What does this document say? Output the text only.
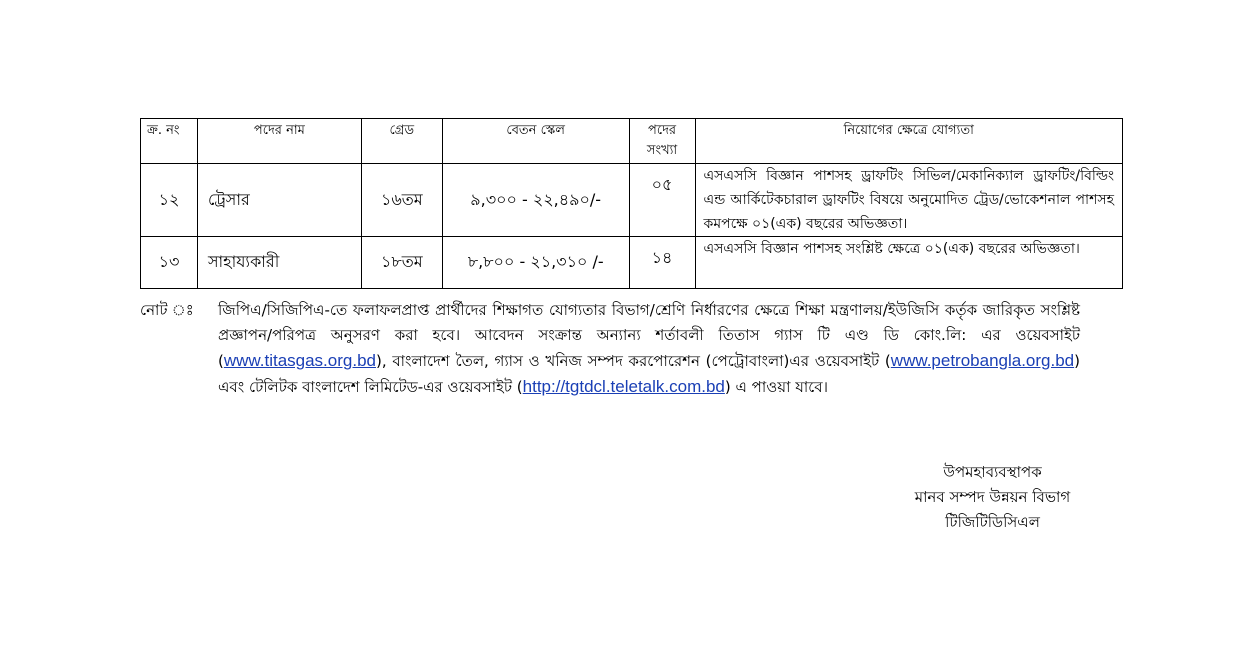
ক্র. নং	পদের নাম	গ্রেড	বেতন স্কেল	পদের সংখ্যা	নিয়োগের ক্ষেত্রে যোগ্যতা
১২	ট্রেসার	১৬তম	৯,৩০০ - ২২,৪৯০/-	০৫	এসএসসি বিজ্ঞান পাশসহ ড্রাফটিং সিভিল/মেকানিক্যাল ড্রাফটিং/বিল্ডিং এন্ড আর্কিটেকচারাল ড্রাফটিং বিষয়ে অনুমোদিত ট্রেড/ভোকেশনাল পাশসহ কমপক্ষে ০১(এক) বছরের অভিজ্ঞতা।
১৩	সাহায্যকারী	১৮তম	৮,৮০০ - ২১,৩১০ /-	১৪	এসএসসি বিজ্ঞান পাশসহ সংশ্লিষ্ট ক্ষেত্রে ০১(এক) বছরের অভিজ্ঞতা।
নোট ঃ	জিপিএ/সিজিপিএ-তে ফলাফলপ্রাপ্ত প্রার্থীদের শিক্ষাগত যোগ্যতার বিভাগ/শ্রেণি নির্ধারণের ক্ষেত্রে শিক্ষা মন্ত্রণালয়/ইউজিসি কর্তৃক জারিকৃত সংশ্লিষ্ট প্রজ্ঞাপন/পরিপত্র অনুসরণ করা হবে। আবেদন সংক্রান্ত অন্যান্য শর্তাবলী তিতাস গ্যাস টি এণ্ড ডি কোং.লি: এর ওয়েবসাইট (www.titasgas.org.bd), বাংলাদেশ তৈল, গ্যাস ও খনিজ সম্পদ করপোরেশন (পেট্রোবাংলা)এর ওয়েবসাইট (www.petrobangla.org.bd) এবং টেলিটক বাংলাদেশ লিমিটেড-এর ওয়েবসাইট (http://tgtdcl.teletalk.com.bd) এ পাওয়া যাবে।
উপমহাব্যবস্থাপক
মানব সম্পদ উন্নয়ন বিভাগ
টিজিটিডিসিএল
